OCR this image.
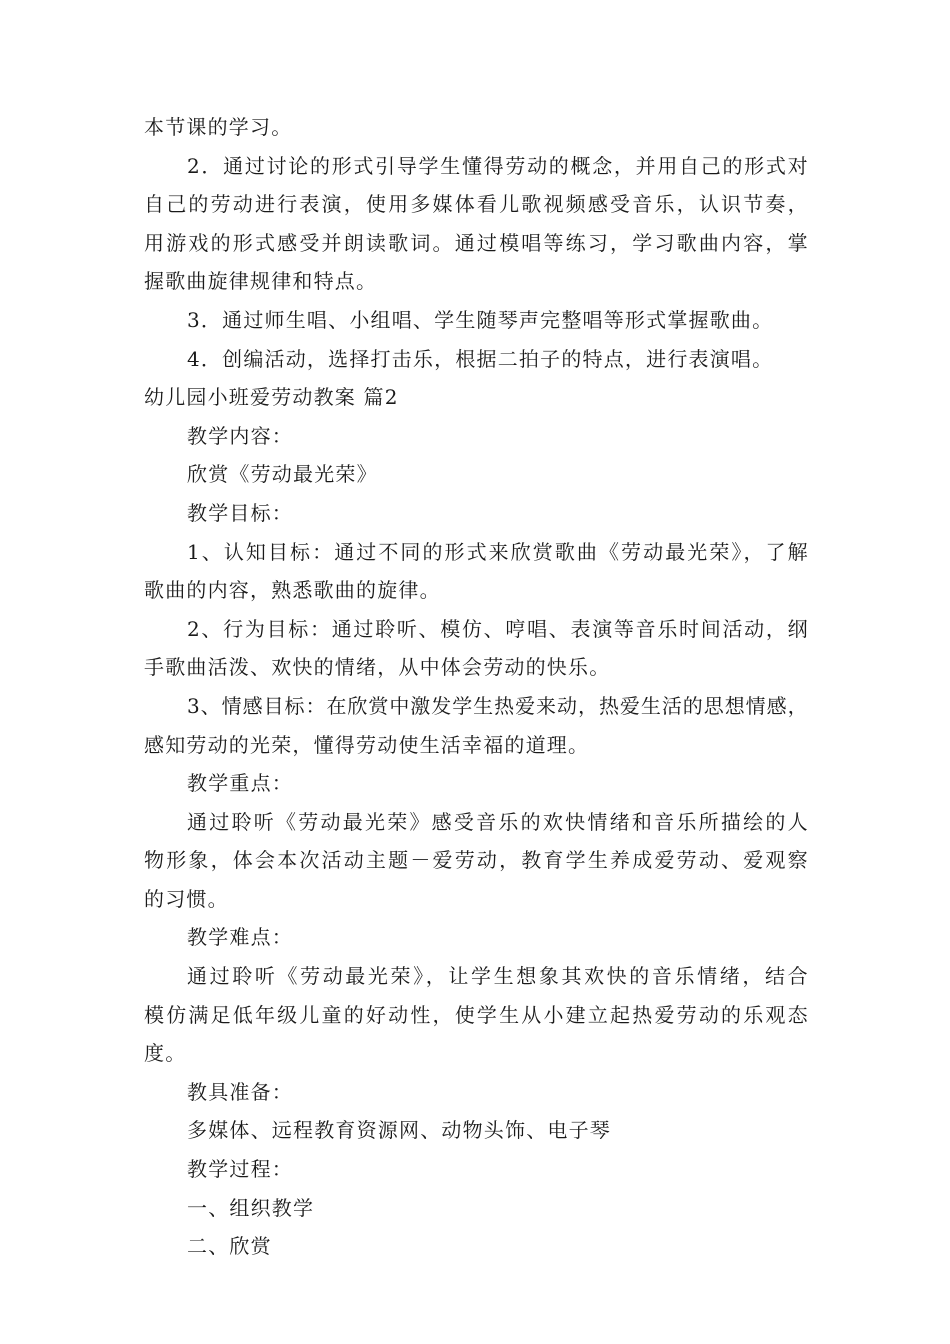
本节课的学习。
2．通过讨论的形式引导学生懂得劳动的概念，并用自己的形式对
自己的劳动进行表演，使用多媒体看儿歌视频感受音乐，认识节奏，
用游戏的形式感受并朗读歌词。通过模唱等练习，学习歌曲内容，掌
握歌曲旋律规律和特点。
3．通过师生唱、小组唱、学生随琴声完整唱等形式掌握歌曲。
4．创编活动，选择打击乐，根据二拍子的特点，进行表演唱。
幼儿园小班爱劳动教案 篇2
教学内容：
欣赏《劳动最光荣》
教学目标：
1、认知目标：通过不同的形式来欣赏歌曲《劳动最光荣》，了解
歌曲的内容，熟悉歌曲的旋律。
2、行为目标：通过聆听、模仿、哼唱、表演等音乐时间活动，纲
手歌曲活泼、欢快的情绪，从中体会劳动的快乐。
3、情感目标：在欣赏中激发学生热爱来动，热爱生活的思想情感，
感知劳动的光荣，懂得劳动使生活幸福的道理。
教学重点：
通过聆听《劳动最光荣》感受音乐的欢快情绪和音乐所描绘的人
物形象，体会本次活动主题－爱劳动，教育学生养成爱劳动、爱观察
的习惯。
教学难点：
通过聆听《劳动最光荣》，让学生想象其欢快的音乐情绪，结合
模仿满足低年级儿童的好动性，使学生从小建立起热爱劳动的乐观态
度。
教具准备：
多媒体、远程教育资源网、动物头饰、电子琴
教学过程：
一、组织教学
二、欣赏
